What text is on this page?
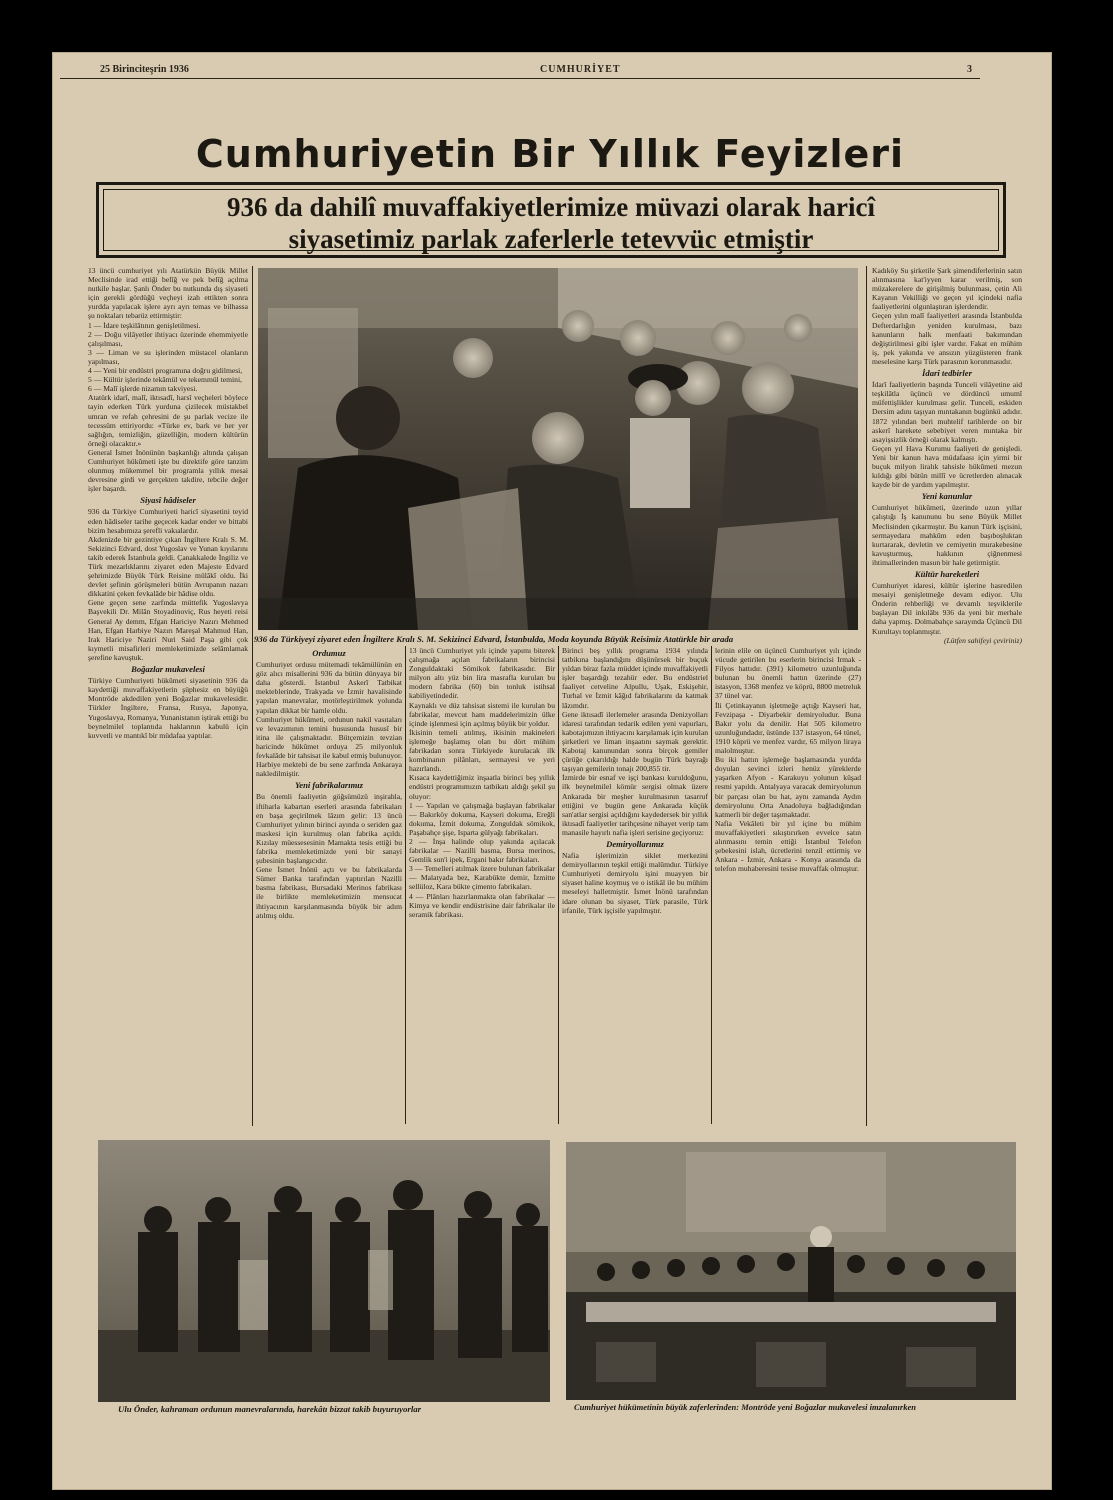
25 Birinciteşrin 1936	CUMHURİYET	3
Cumhuriyetin Bir Yıllık Feyizleri
936 da dahilî muvaffakiyetlerimize müvazi olarak haricî
siyasetimiz parlak zaferlerle tetevvüc etmiştir
13 üncü cumhuriyet yılı Atatürkün Büyük Millet Meclisinde irad ettiği belîğ ve pek belîğ açılma nutkile başlar. Şanlı Önder bu nutkunda dış siyaseti için gerekli gördüğü veçheyi izah ettikten sonra yurdda yapılacak işlere ayrı ayrı temas ve bilhassa şu noktaları tebarüz ettirmiştir:
1 — İdare teşkilâtının genişletilmesi.
2 — Doğu vilâyetler ihtiyacı üzerinde ehemmiyetle çalışılması,
3 — Liman ve su işlerinden müstacel olanların yapılması,
4 — Yeni bir endüstri programına doğru gidilmesi,
5 — Kültür işlerinde tekâmül ve tekemmül temini,
6 — Malî işlerde nizamın takviyesi.
Atatürk idarî, malî, iktısadî, harsî veçheleri böylece tayin ederken Türk yurduna çizilecek müstakbel umran ve refah çehresini de şu parlak vecize ile tecessüm ettiriyordu: «Türke ev, bark ve her yer sağlığın, temizliğin, güzelliğin, modern kültürün örneği olacaktır.»
General İsmet İnönünün başkanlığı altında çalışan Cumhuriyet hükûmeti işte bu direktife göre tanzim olunmuş mükemmel bir programla yıllık mesai devresine girdi ve gerçekten takdire, tebcile değer işler başardı.
Siyasî hâdiseler
936 da Türkiye Cumhuriyeti haricî siyasetini teyid eden hâdiseler tarihe geçecek kadar ender ve bittabi bizim hesabımıza şerefli vakıalardır.
Akdenizde bir gezintiye çıkan İngiltere Kralı S. M. Sekizinci Edvard, dost Yugoslav ve Yunan kıyılarını takib ederek İstanbula geldi. Çanakkalede İngiliz ve Türk mezarlıklarını ziyaret eden Majeste Edvard şehrimizde Büyük Türk Reisine mülâkî oldu. İki devlet şefinin görüşmeleri bütün Avrupanın nazarı dikkatini çeken fevkalâde bir hâdise oldu.
Gene geçen sene zarfında müttefik Yugoslavya Başvekili Dr. Milân Stoyadinoviç, Rus heyeti reisi General Ay demm, Efgan Hariciye Nazırı Mehmed Han, Efgan Harbiye Nazırı Mareşal Mahmud Han, Irak Hariciye Naziri Nuri Said Paşa gibi çok kıymetli misafirleri memleketimizde selâmlamak şerefine kavuştuk.
Boğazlar mukavelesi
Türkiye Cumhuriyeti hükûmeti siyasetinin 936 da kaydettiği muvaffakiyetlerin şüphesiz en büyüğü Montröde akdedilen yeni Boğazlar mukavelesidir. Türkler İngiltere, Fransa, Rusya, Japonya, Yugoslavya, Romanya, Yunanistanın iştirak ettiği bu beynelmilel toplantıda haklarının kabulü için kuvvetli ve mantıkî bir müdafaa yaptılar.
936 da Türkiyeyi ziyaret eden İngiltere Kralı S. M. Sekizinci Edvard, İstanbulda, Moda koyunda Büyük Reisimiz Atatürkle bir arada
Ordumuz
Cumhuriyet ordusu mütemadi tekâmülünün en göz alıcı misallerini 936 da bütün dünyaya bir daha gösterdi. İstanbul Askerî Tatbikat mekteblerinde, Trakyada ve İzmir havalisinde yapılan manevralar, motörleştirilmek yolunda yapılan dikkat bir hamle oldu.
Cumhuriyet hükûmeti, ordunun nakil vasıtaları ve levazımının temini hususunda hususî bir itina ile çalışmaktadır. Bütçemizin tevzian haricinde hükûmet orduya 25 milyonluk fevkalâde bir tahsisat ile kabul etmiş bulunuyor. Harbiye mektebi de bu sene zarfında Ankaraya nakledilmiştir.
Yeni fabrikalarımız
Bu önemli faaliyetin göğsümüzü inşirahla, iftiharla kabartan eserleri arasında fabrikaları en başa geçirilmek lâzım gelir: 13 üncü Cumhuriyet yılının birinci ayında o seriden gaz maskesi için kurulmuş olan fabrika açıldı. Kızılay müessesesinin Mamakta tesis ettiği bu fabrika memleketimizde yeni bir sanayi şubesinin başlangıcıdır.
Gene İsmet İnönü açtı ve bu fabrikalarda Sümer Banka tarafından yaptırılan Nazilli basma fabrikası, Bursadaki Merinos fabrikası ile birlikte memleketimizin mensucat ihtiyacının karşılanmasında büyük bir adım atılmış oldu.
13 üncü Cumhuriyet yılı içinde yapımı biterek çalışmağa açılan fabrikaların birincisi Zonguldaktaki Sömikok fabrikasıdır. Bir milyon altı yüz bin lira masrafla kurulan bu modern fabrika (60) bin tonluk istihsal kabiliyetindedir.
Kaynaklı ve düz tahsisat sistemi ile kurulan bu fabrikalar, mevcut ham maddelerimizin ülke içinde işlenmesi için açılmış büyük bir yoldur.
İkisinin temeli atılmış, ikisinin makineleri işlemeğe başlamış olan bu dört mühim fabrikadan sonra Türkiyede kurulacak ilk kombinanın pilânları, sermayesi ve yeri hazırlandı.
Kısaca kaydettiğimiz inşaatla birinci beş yıllık endüstri programımızın tatbikatı aldığı şekil şu oluyor:
1 — Yapılan ve çalışmağa başlayan fabrikalar — Bakırköy dokuma, Kayseri dokuma, Ereğli dokuma, İzmit dokuma, Zonguldak sömikok, Paşabahçe şişe, Isparta gülyağı fabrikaları.
2 — İnşa halinde olup yakında açılacak fabrikalar — Nazilli basma, Bursa merinos, Gemlik sun'i ipek, Ergani bakır fabrikaları.
3 — Temelleri atılmak üzere bulunan fabrikalar — Malatyada bez, Karabükte demir, İzmitte sellüloz, Kara bükte çimento fabrikaları.
4 — Plânları hazırlanmakta olan fabrikalar — Kimya ve kendir endüstrisine dair fabrikalar ile seramik fabrikası.
Birinci beş yıllık programa 1934 yılında tatbikına başlandığını düşünürsek bir buçuk yıldan biraz fazla müddet içinde muvaffakiyetli işler başardığı tezahür eder. Bu endüstriel faaliyet cetveline Alpullu, Uşak, Eskişehir, Turhal ve İzmit kâğıd fabrikalarını da katmak lâzımdır.
Gene iktısadî ilerlemeler arasında Denizyolları idaresi tarafından tedarik edilen yeni vapurları, kabotajımızın ihtiyacını karşılamak için kurulan şirketleri ve liman inşaatını saymak gerektir. Kabotaj kanunundan sonra birçok gemiler çürüğe çıkarıldığı halde bugün Türk bayrağı taşıyan gemilerin tonajı 200,855 tir.
İzmirde bir esnaf ve işçi bankası kuruldoğunu, ilk beynelmilel kömür sergisi olmak üzere Ankarada bir meşher kurulmasının tasarruf ettiğini ve bugün gene Ankarada küçük san'atlar sergisi açıldığını kaydedersek bir yıllık iktısadî faaliyetler tarihçesine nihayet verip tam manasile hayırlı nafia işleri serisine geçiyoruz:
Demiryollarımız
Nafia işlerimizin siklet merkezini demiryollarının teşkil ettiği malûmdur. Türkiye Cumhuriyeti demiryolu işini muayyen bir siyaset haline koymuş ve o istikâl ile bu mühim meseleyi halletmiştir. İsmet İnönü tarafından idare olunan bu siyaset, Türk parasile, Türk irfanile, Türk işçisile yapılmıştır.
lerinin elile on üçüncü Cumhuriyet yılı içinde vücude getirilen bu eserlerin birincisi Irmak - Filyos hattıdır. (391) kilometro uzunluğunda bulunan bu önemli hattın üzerinde (27) istasyon, 1368 menfez ve köprü, 8800 metreluk 37 tünel var.
İli Çetinkayanın işletmeğe açtığı Kayseri hat, Fevzipaşa - Diyarbekir demiryoludur. Buna Bakır yolu da denilir. Hat 505 kilometro uzunluğundadır, üstünde 137 istasyon, 64 tünel, 1910 köprü ve menfez vardır, 65 milyon liraya malolmuştur.
Bu iki hattın işlemeğe başlamasında yurdda doyulan sevinci izleri henüz yüreklerde yaşarken Afyon - Karakuyu yolunun küşad resmi yapıldı. Antalyaya varacak demiryolunun bir parçası olan bu hat, aynı zamanda Aydın demiryolunu Orta Anadoluya bağladığından katmerli bir değer taşımaktadır.
Nafia Vekâleti bir yıl içine bu mühim muvaffakiyetleri sıkıştırırken evvelce satın alınmasını temin ettiği İstanbul Telefon şebekesini islah, ücretlerini tenzil ettirmiş ve Ankara - İzmir, Ankara - Konya arasında da telefon muhaberesini tesise muvaffak olmuştur.
Kadıköy Su şirketile Şark şimendiferlerinin satın alınmasına kat'iyyen karar verilmiş, son müzakerelere de girişilmiş bulunması, çetin Ali Kayanın Vekilliği ve geçen yıl içindeki nafia faaliyetlerini olgunlaştıran işlerdendir.
Geçen yılın malî faaliyetleri arasında İstanbulda Defterdarlığın yeniden kurulması, bazı kanunların halk menfaati bakımından değiştirilmesi gibi işler vardır. Fakat en mühim iş, pek yakında ve ansızın yüzgüsteren frank meselesine karşı Türk parasının korunmasıdır.
İdarî tedbirler
İdarî faaliyetlerin başında Tunceli vilâyetine aid teşkilâtla üçüncü ve dördüncü umumî müfettişlikler kurulması gelir. Tunceli, eskiden Dersim adını taşıyan mıntakanın bugünkü adıdır. 1872 yılından beri muhtelif tarihlerde on bir askerî harekete sebebiyet veren mıntaka bir asayişsizlik örneği olarak kalmıştı.
Geçen yıl Hava Kurumu faaliyeti de genişledi. Yeni bir kanun hava müdafaası için yirmi bir buçuk milyon liralık tahsisle hükûmeti mezun kıldığı gibi bütün millî ve ücretlerden alınacak kayde bir de yardım yapılmıştır.
Yeni kanunlar
Cumhuriyet hükûmeti, üzerinde uzun yıllar çalıştığı İş kanununu bu sene Büyük Millet Meclisinden çıkarmıştır. Bu kanun Türk işçisini, sermayedara mahkûm eden başıboşluktan kurtararak, devletin ve cemiyetin murakebesine kavuşturmuş, hakkının çiğnenmesi ihtimallerinden masun bir hale getirmiştir.
Kültür hareketleri
Cumhuriyet idaresi, kültür işlerine hasredilen mesaiyi genişletmeğe devam ediyor. Ulu Önderin rehberliği ve devamlı teşviklerile başlayan Dil inkılâbı 936 da yeni bir merhale daha yapmış. Dolmabahçe sarayında Üçüncü Dil Kurultayı toplanmıştır.
(Lütfen sahifeyi çeviriniz)
Ulu Önder, kahraman ordunun manevralarında, harekâtı bizzat takib buyuruyorlar	Cumhuriyet hükümetinin büyük zaferlerinden: Montröde yeni Boğazlar mukavelesi imzalanırken
